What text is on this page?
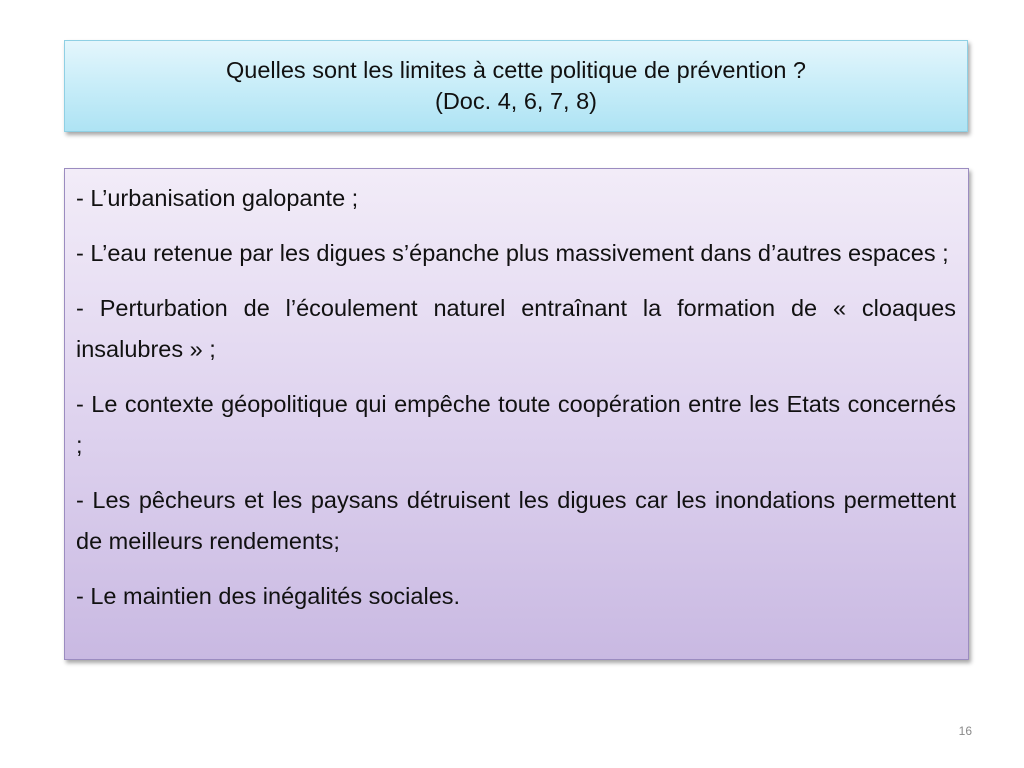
Quelles sont les limites à cette politique de prévention ?
(Doc. 4, 6, 7, 8)
- L’urbanisation galopante ;
- L’eau retenue par les digues s’épanche plus massivement dans d’autres espaces ;
- Perturbation de l’écoulement naturel entraînant la formation de « cloaques insalubres » ;
- Le contexte géopolitique qui empêche toute coopération entre les Etats concernés ;
- Les pêcheurs et les paysans détruisent les digues car les inondations permettent de meilleurs rendements;
- Le maintien des inégalités sociales.
16
